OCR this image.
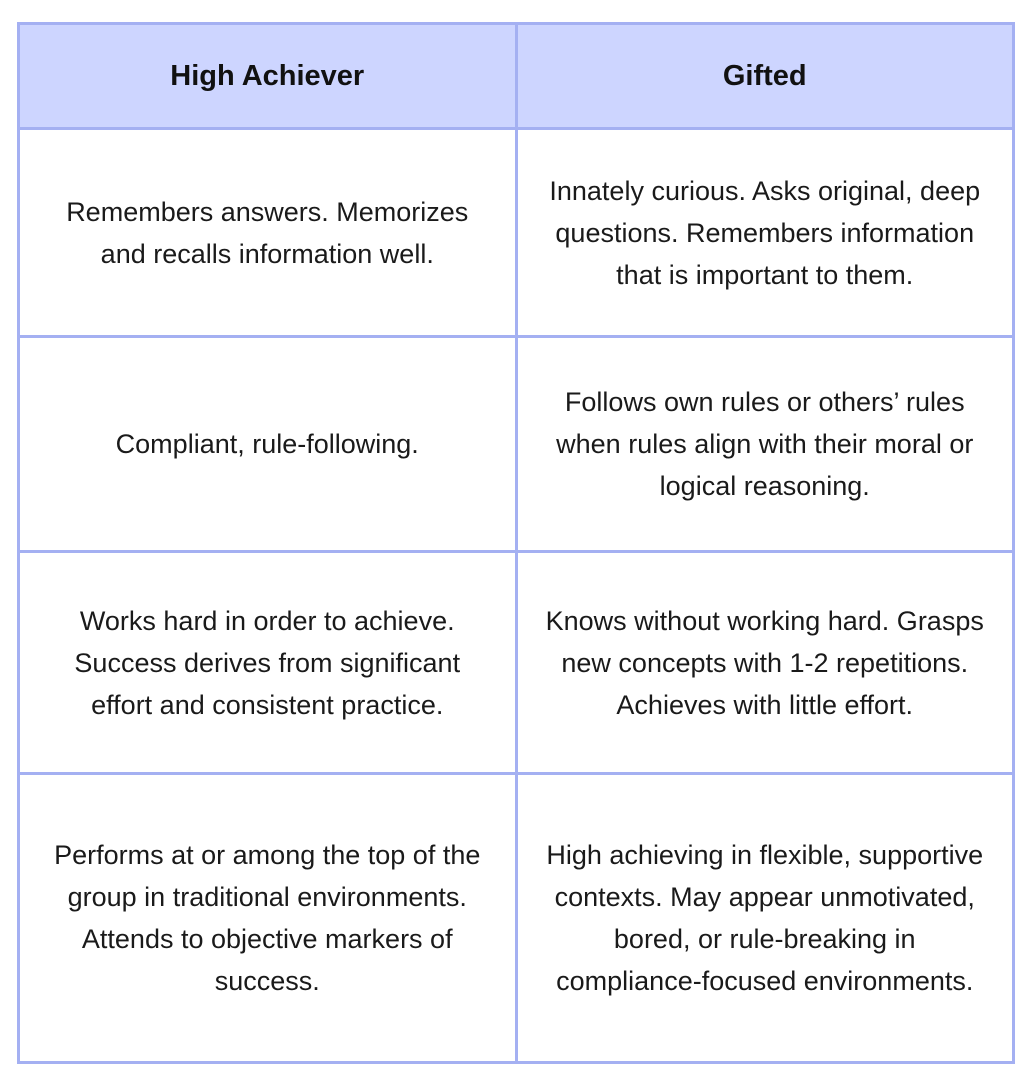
High Achiever	Gifted
Remembers answers. Memorizes and recalls information well.	Innately curious. Asks original, deep questions. Remembers information that is important to them.
Compliant, rule-following.	Follows own rules or others’ rules when rules align with their moral or logical reasoning.
Works hard in order to achieve. Success derives from significant effort and consistent practice.	Knows without working hard. Grasps new concepts with 1-2 repetitions. Achieves with little effort.
Performs at or among the top of the group in traditional environments. Attends to objective markers of success.	High achieving in flexible, supportive contexts. May appear unmotivated, bored, or rule-breaking in compliance-focused environments.
